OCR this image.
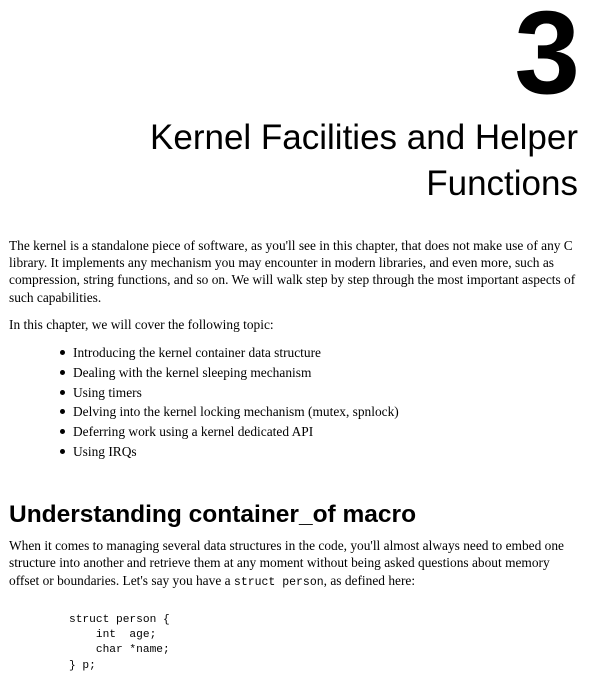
3
Kernel Facilities and Helper Functions

The kernel is a standalone piece of software, as you'll see in this chapter, that does not make use of any C library. It implements any mechanism you may encounter in modern libraries, and even more, such as compression, string functions, and so on. We will walk step by step through the most important aspects of such capabilities.

In this chapter, we will cover the following topic:

Introducing the kernel container data structure
Dealing with the kernel sleeping mechanism
Using timers
Delving into the kernel locking mechanism (mutex, spnlock)
Deferring work using a kernel dedicated API
Using IRQs
Understanding container_of macro

When it comes to managing several data structures in the code, you'll almost always need to embed one structure into another and retrieve them at any moment without being asked questions about memory offset or boundaries. Let's say you have a struct person, as defined here:

struct person {
int  age;
char *name;
} p;
